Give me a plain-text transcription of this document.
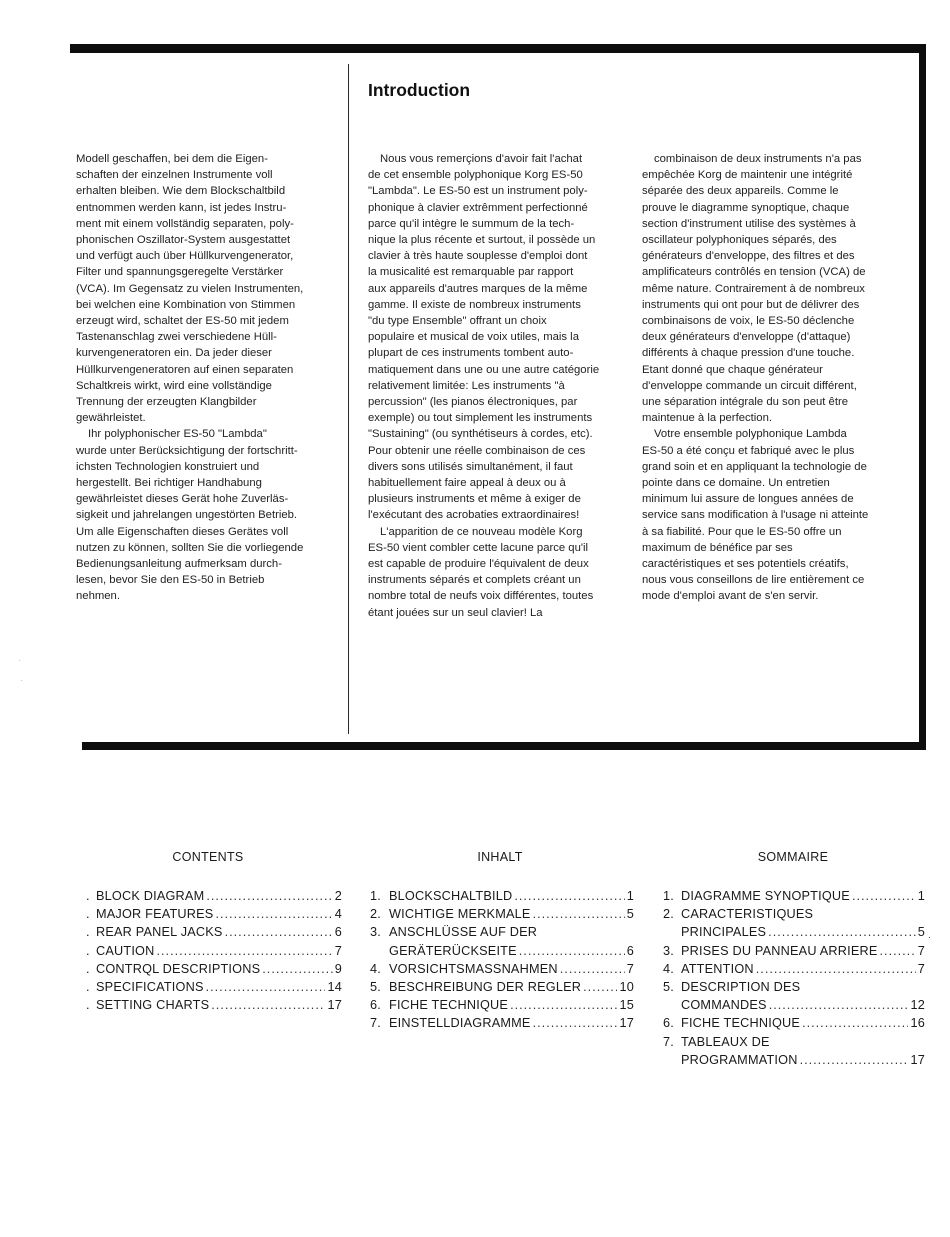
Introduction

Modell geschaffen, bei dem die Eigen-
schaften der einzelnen Instrumente voll
erhalten bleiben. Wie dem Blockschaltbild
entnommen werden kann, ist jedes Instru-
ment mit einem vollständig separaten, poly-
phonischen Oszillator-System ausgestattet
und verfügt auch über Hüllkurvengenerator,
Filter und spannungsgeregelte Verstärker
(VCA). Im Gegensatz zu vielen Instrumenten,
bei welchen eine Kombination von Stimmen
erzeugt wird, schaltet der ES-50 mit jedem
Tastenanschlag zwei verschiedene Hüll-
kurvengeneratoren ein. Da jeder dieser
Hüllkurvengeneratoren auf einen separaten
Schaltkreis wirkt, wird eine vollständige
Trennung der erzeugten Klangbilder
gewährleistet.

Ihr polyphonischer ES-50 "Lambda"
wurde unter Berücksichtigung der fortschritt-
ichsten Technologien konstruiert und
hergestellt. Bei richtiger Handhabung
gewährleistet dieses Gerät hohe Zuverläs-
sigkeit und jahrelangen ungestörten Betrieb.
Um alle Eigenschaften dieses Gerätes voll
nutzen zu können, sollten Sie die vorliegende
Bedienungsanleitung aufmerksam durch-
lesen, bevor Sie den ES-50 in Betrieb
nehmen.

Nous vous remerçions d'avoir fait l'achat
de cet ensemble polyphonique Korg ES-50
"Lambda". Le ES-50 est un instrument poly-
phonique à clavier extrêmment perfectionné
parce qu'il intègre le summum de la tech-
nique la plus récente et surtout, il possède un
clavier à très haute souplesse d'emploi dont
la musicalité est remarquable par rapport
aux appareils d'autres marques de la même
gamme. Il existe de nombreux instruments
"du type Ensemble" offrant un choix
populaire et musical de voix utiles, mais la
plupart de ces instruments tombent auto-
matiquement dans une ou une autre catégorie
relativement limitée: Les instruments "à
percussion" (les pianos électroniques, par
exemple) ou tout simplement les instruments
"Sustaining" (ou synthétiseurs à cordes, etc).
Pour obtenir une réelle combinaison de ces
divers sons utilisés simultanément, il faut
habituellement faire appeal à deux ou à
plusieurs instruments et même à exiger de
l'exécutant des acrobaties extraordinaires!

L'apparition de ce nouveau modèle Korg
ES-50 vient combler cette lacune parce qu'il
est capable de produire l'équivalent de deux
instruments séparés et complets créant un
nombre total de neufs voix différentes, toutes
étant jouées sur un seul clavier! La

combinaison de deux instruments n'a pas
empêchée Korg de maintenir une intégrité
séparée des deux appareils. Comme le
prouve le diagramme synoptique, chaque
section d'instrument utilise des systèmes à
oscillateur polyphoniques séparés, des
générateurs d'enveloppe, des filtres et des
amplificateurs contrôlés en tension (VCA) de
même nature. Contrairement à de nombreux
instruments qui ont pour but de délivrer des
combinaisons de voix, le ES-50 déclenche
deux générateurs d'enveloppe (d'attaque)
différents à chaque pression d'une touche.
Etant donné que chaque générateur
d'enveloppe commande un circuit différent,
une séparation intégrale du son peut être
maintenue à la perfection.

Votre ensemble polyphonique Lambda
ES-50 a été conçu et fabriqué avec le plus
grand soin et en appliquant la technologie de
pointe dans ce domaine. Un entretien
minimum lui assure de longues années de
service sans modification à l'usage ni atteinte
à sa fiabilité. Pour que le ES-50 offre un
maximum de bénéfice par ses
caractéristiques et ses potentiels créatifs,
nous vous conseillons de lire entièrement ce
mode d'emploi avant de s'en servir.

CONTENTS	INHALT	SOMMAIRE
. BLOCK DIAGRAM .....	2
. MAJOR FEATURES .....	4
. REAR PANEL JACKS .....	6
. CAUTION .....	7
. CONTRQL DESCRIPTIONS .....	9
. SPECIFICATIONS .....	14
. SETTING CHARTS .....	17
1. BLOCKSCHALTBILD .....	1
2. WICHTIGE MERKMALE .....	5
3. ANSCHLÜSSE AUF DER
GERÄTERÜCKSEITE .....	6
4. VORSICHTSMASSNAHMEN .....	7
5. BESCHREIBUNG DER REGLER .....	10
6. FICHE TECHNIQUE .....	15
7. EINSTELLDIAGRAMME .....	17
1. DIAGRAMME SYNOPTIQUE .....	1
2. CARACTERISTIQUES
PRINCIPALES .....	5
3. PRISES DU PANNEAU ARRIERE .....	7
4. ATTENTION .....	7
5. DESCRIPTION DES
COMMANDES .....	12
6. FICHE TECHNIQUE .....	16
7. TABLEAUX DE
PROGRAMMATION .....	17
.
·
·
